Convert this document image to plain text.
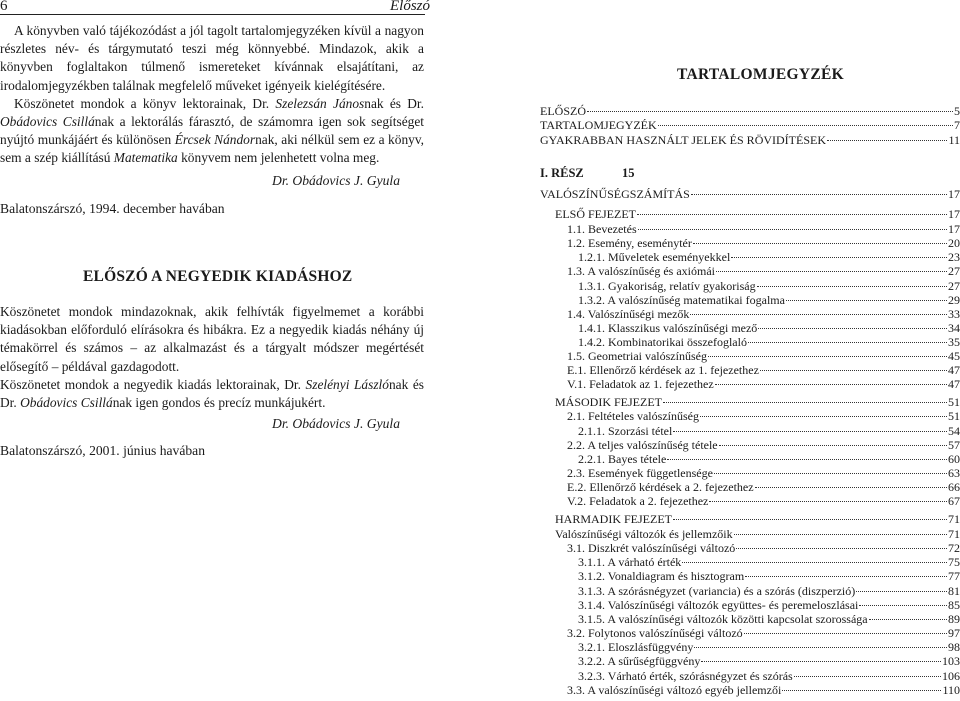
6	Előszó

A könyvben való tájékozódást a jól tagolt tartalomjegyzéken kívül a nagyon részletes név- és tárgymutató teszi még könnyebbé. Mindazok, akik a könyvben foglaltakon túlmenő ismereteket kívánnak elsajátítani, az irodalomjegyzékben találnak megfelelő műveket igényeik kielégítésére.

Köszönetet mondok a könyv lektorainak, Dr. Szelezsán Jánosnak és Dr. Obádovics Csillának a lektorálás fárasztó, de számomra igen sok segítséget nyújtó munkájáért és különösen Ércsek Nándornak, aki nélkül sem ez a könyv, sem a szép kiállítású Matematika könyvem nem jelenhetett volna meg.

Dr. Obádovics J. Gyula
Balatonszárszó, 1994. december havában
ELŐSZÓ A NEGYEDIK KIADÁSHOZ

Köszönetet mondok mindazoknak, akik felhívták figyelmemet a korábbi kiadásokban előforduló elírásokra és hibákra. Ez a negyedik kiadás néhány új témakörrel és számos – az alkalmazást és a tárgyalt módszer megértését elősegítő – példával gazdagodott.

Köszönetet mondok a negyedik kiadás lektorainak, Dr. Szelényi Lászlónak és Dr. Obádovics Csillának igen gondos és precíz munkájukért.

Dr. Obádovics J. Gyula
Balatonszárszó, 2001. június havában
TARTALOMJEGYZÉK
ELŐSZÓ	5
TARTALOMJEGYZÉK	7
GYAKRABBAN HASZNÁLT JELEK ÉS RÖVIDÍTÉSEK	11
I. RÉSZ	15
VALÓSZÍNŰSÉGSZÁMÍTÁS	17
ELSŐ FEJEZET	17
1.1. Bevezetés	17
1.2. Esemény, eseménytér	20
1.2.1. Műveletek eseményekkel	23
1.3. A valószínűség és axiómái	27
1.3.1. Gyakoriság, relatív gyakoriság	27
1.3.2. A valószínűség matematikai fogalma	29
1.4. Valószínűségi mezők	33
1.4.1. Klasszikus valószínűségi mező	34
1.4.2. Kombinatorikai összefoglaló	35
1.5. Geometriai valószínűség	45
E.1. Ellenőrző kérdések az 1. fejezethez	47
V.1. Feladatok az 1. fejezethez	47
MÁSODIK FEJEZET	51
2.1. Feltételes valószínűség	51
2.1.1. Szorzási tétel	54
2.2. A teljes valószínűség tétele	57
2.2.1. Bayes tétele	60
2.3. Események függetlensége	63
E.2. Ellenőrző kérdések a 2. fejezethez	66
V.2. Feladatok a 2. fejezethez	67
HARMADIK FEJEZET	71
Valószínűségi változók és jellemzőik	71
3.1. Diszkrét valószínűségi változó	72
3.1.1. A várható érték	75
3.1.2. Vonaldiagram és hisztogram	77
3.1.3. A szórásnégyzet (variancia) és a szórás (diszperzió)	81
3.1.4. Valószínűségi változók együttes- és peremeloszlásai	85
3.1.5. A valószínűségi változók közötti kapcsolat szorossága	89
3.2. Folytonos valószínűségi változó	97
3.2.1. Eloszlásfüggvény	98
3.2.2. A sűrűségfüggvény	103
3.2.3. Várható érték, szórásnégyzet és szórás	106
3.3. A valószínűségi változó egyéb jellemzői	110
